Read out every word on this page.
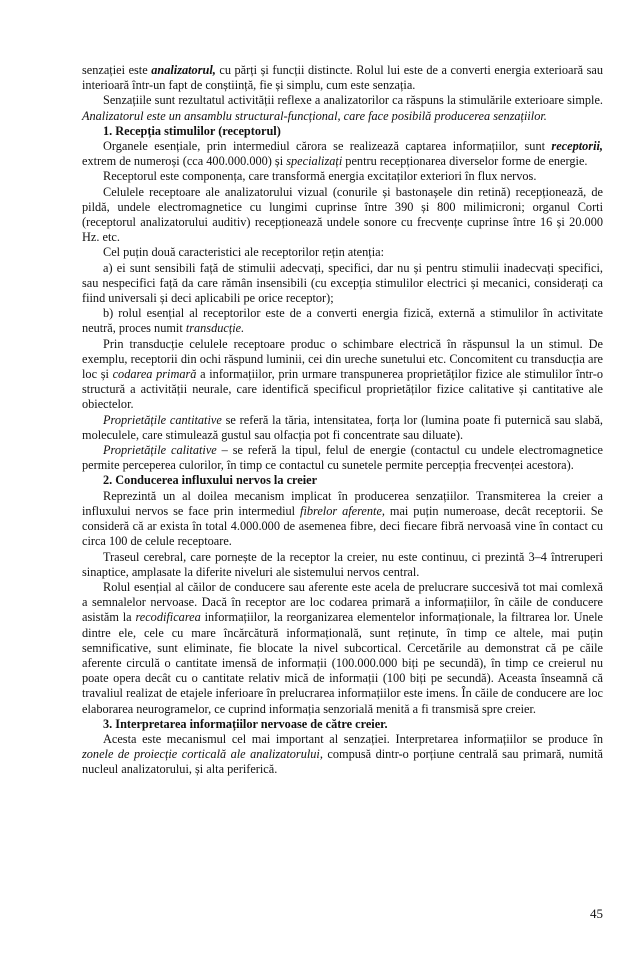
senzației este analizatorul, cu părți și funcții distincte. Rolul lui este de a converti energia exterioară sau interioară într-un fapt de conștiință, fie și simplu, cum este senzația.

Senzațiile sunt rezultatul activității reflexe a analizatorilor ca răspuns la stimulările exterioare simple. Analizatorul este un ansamblu structural-funcțional, care face posibilă producerea senzațiilor.

1. Recepția stimulilor (receptorul)

Organele esențiale, prin intermediul cărora se realizează captarea informațiilor, sunt receptorii, extrem de numeroși (cca 400.000.000) și specializați pentru recepționarea diverselor forme de energie.

Receptorul este componența, care transformă energia excitaților exteriori în flux nervos.

Celulele receptoare ale analizatorului vizual (conurile și bastonașele din retină) recepționează, de pildă, undele electromagnetice cu lungimi cuprinse între 390 și 800 milimicroni; organul Corti (receptorul analizatorului auditiv) recepționează undele sonore cu frecvențe cuprinse între 16 și 20.000 Hz. etc.

Cel puțin două caracteristici ale receptorilor rețin atenția:

a) ei sunt sensibili față de stimulii adecvați, specifici, dar nu și pentru stimulii inadecvați specifici, sau nespecifici față da care rămân insensibili (cu excepția stimulilor electrici și mecanici, considerați ca fiind universali și deci aplicabili pe orice receptor);

b) rolul esențial al receptorilor este de a converti energia fizică, externă a stimulilor în activitate neutră, proces numit transducție.

Prin transducție celulele receptoare produc o schimbare electrică în răspunsul la un stimul. De exemplu, receptorii din ochi răspund luminii, cei din ureche sunetului etc. Concomitent cu transducția are loc și codarea primară a informațiilor, prin urmare transpunerea proprietăților fizice ale stimulilor într-o structură a activității neurale, care identifică specificul proprietăților fizice calitative și cantitative ale obiectelor.

Proprietățile cantitative se referă la tăria, intensitatea, forța lor (lumina poate fi puternică sau slabă, moleculele, care stimulează gustul sau olfacția pot fi concentrate sau diluate).

Proprietățile calitative – se referă la tipul, felul de energie (contactul cu undele electromagnetice permite perceperea culorilor, în timp ce contactul cu sunetele permite percepția frecvenței acestora).

2. Conducerea influxului nervos la creier

Reprezintă un al doilea mecanism implicat în producerea senzațiilor. Transmiterea la creier a influxului nervos se face prin intermediul fibrelor aferente, mai puțin numeroase, decât receptorii. Se consideră că ar exista în total 4.000.000 de asemenea fibre, deci fiecare fibră nervoasă vine în contact cu circa 100 de celule receptoare.

Traseul cerebral, care pornește de la receptor la creier, nu este continuu, ci prezintă 3–4 întreruperi sinaptice, amplasate la diferite niveluri ale sistemului nervos central.

Rolul esențial al căilor de conducere sau aferente este acela de prelucrare succesivă tot mai comlexă a semnalelor nervoase. Dacă în receptor are loc codarea primară a informațiilor, în căile de conducere asistăm la recodificarea informațiilor, la reorganizarea elementelor informaționale, la filtrarea lor. Unele dintre ele, cele cu mare încărcătură informațională, sunt reținute, în timp ce altele, mai puțin semnificative, sunt eliminate, fie blocate la nivel subcortical. Cercetările au demonstrat că pe căile aferente circulă o cantitate imensă de informații (100.000.000 biți pe secundă), în timp ce creierul nu poate opera decât cu o cantitate relativ mică de informații (100 biți pe secundă). Aceasta înseamnă că travaliul realizat de etajele inferioare în prelucrarea informațiilor este imens. În căile de conducere are loc elaborarea neurogramelor, ce cuprind informația senzorială menită a fi transmisă spre creier.

3. Interpretarea informațiilor nervoase de către creier.

Acesta este mecanismul cel mai important al senzației. Interpretarea informațiilor se produce în zonele de proiecție corticală ale analizatorului, compusă dintr-o porțiune centrală sau primară, numită nucleul analizatorului, și alta periferică.

45
